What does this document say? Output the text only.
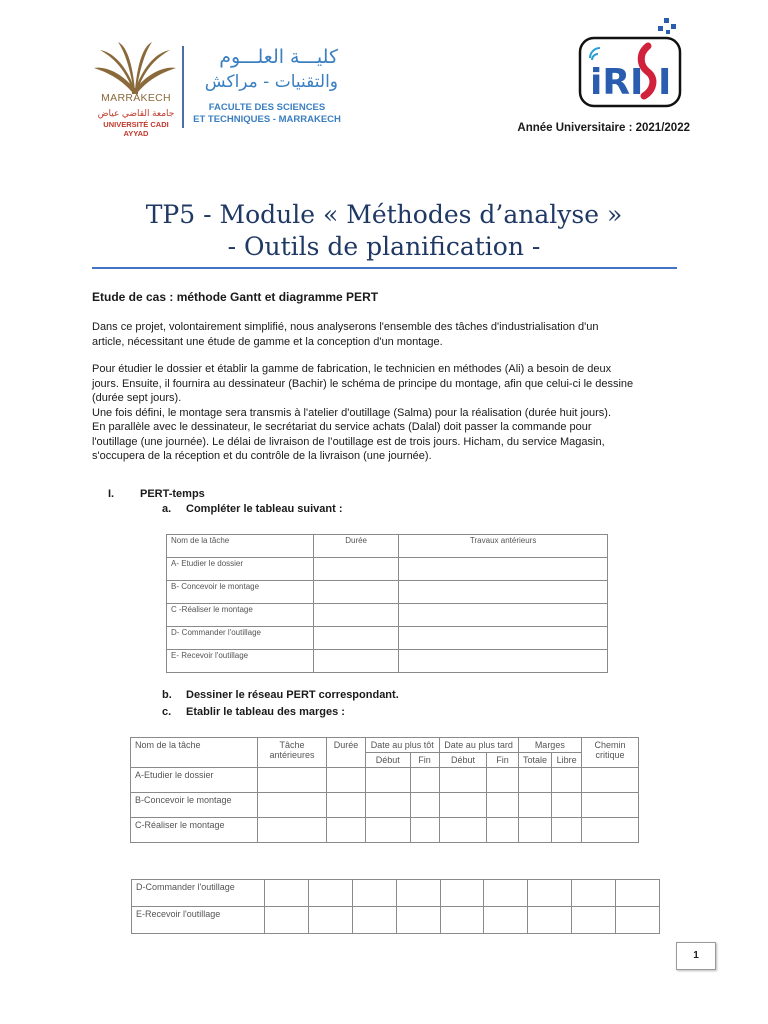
MARRAKECH
جامعة القاضي عياض
UNIVERSITÉ CADI AYYAD
كليـــة العلـــوم
والتقنيات - مراكش
FACULTE DES SCIENCES
ET TECHNIQUES - MARRAKECH
iRI I
Année Universitaire : 2021/2022
TP5 - Module « Méthodes d’analyse »
- Outils de planification -
Etude de cas : méthode Gantt et diagramme PERT
Dans ce projet, volontairement simplifié, nous analyserons l'ensemble des tâches d'industrialisation d'un
article, nécessitant une étude de gamme et la conception d'un montage.
Pour étudier le dossier et établir la gamme de fabrication, le technicien en méthodes (Ali) a besoin de deux
jours. Ensuite, il fournira au dessinateur (Bachir) le schéma de principe du montage, afin que celui-ci le dessine
(durée sept jours).
Une fois défini, le montage sera transmis à l'atelier d'outillage (Salma) pour la réalisation (durée huit jours).
En parallèle avec le dessinateur, le secrétariat du service achats (Dalal) doit passer la commande pour
l'outillage (une journée). Le délai de livraison de l’outillage est de trois jours. Hicham, du service Magasin,
s'occupera de la réception et du contrôle de la livraison (une journée).
I. PERT-temps
a. Compléter le tableau suivant :
Nom de la tâche	Durée	Travaux antérieurs
A- Etudier le dossier		
B- Concevoir le montage		
C -Réaliser le montage		
D- Commander l'outillage		
E- Recevoir l'outillage		
b. Dessiner le réseau PERT correspondant.
c. Etablir le tableau des marges :
Nom de la tâche	Tâche antérieures	Durée	Date au plus tôt		Date au plus tard		Marges		Chemin critique
			Début	Fin	Début	Fin	Totale	Libre	
A-Etudier le dossier									
B-Concevoir le montage									
C-Réaliser le montage									
D-Commander l'outillage									
E-Recevoir l'outillage									
1
